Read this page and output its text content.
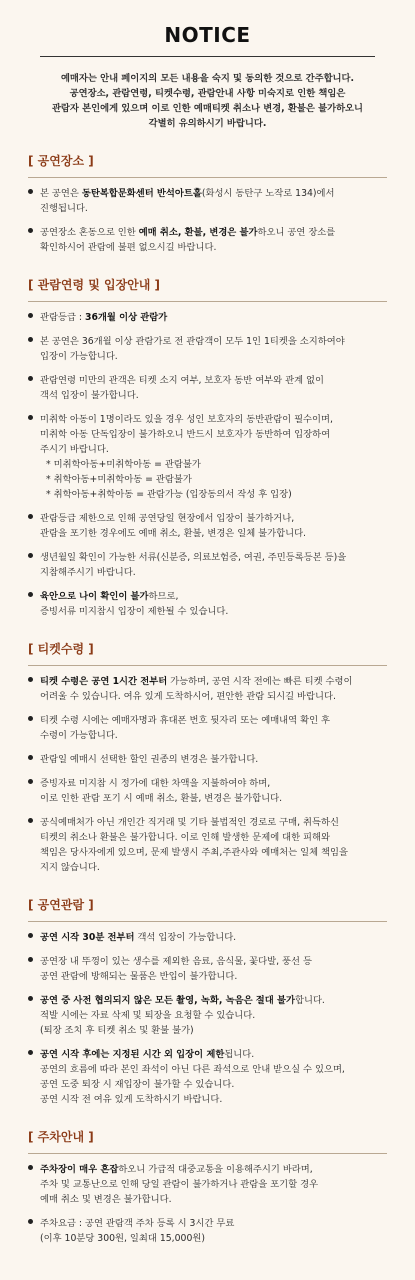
NOTICE
예매자는 안내 페이지의 모든 내용을 숙지 및 동의한 것으로 간주합니다.
공연장소, 관람연령, 티켓수령, 관람안내 사항 미숙지로 인한 책임은
관람자 본인에게 있으며 이로 인한 예매티켓 취소나 변경, 환불은 불가하오니
각별히 유의하시기 바랍니다.
[ 공연장소 ]
본 공연은 동탄복합문화센터 반석아트홀(화성시 동탄구 노작로 134)에서
진행됩니다.
공연장소 혼동으로 인한 예매 취소, 환불, 변경은 불가하오니 공연 장소를
확인하시어 관람에 불편 없으시길 바랍니다.
[ 관람연령 및 입장안내 ]
관람등급 : 36개월 이상 관람가
본 공연은 36개월 이상 관람가로 전 관람객이 모두 1인 1티켓을 소지하여야
입장이 가능합니다.
관람연령 미만의 관객은 티켓 소지 여부, 보호자 동반 여부와 관계 없이
객석 입장이 불가합니다.
미취학 아동이 1명이라도 있을 경우 성인 보호자의 동반관람이 필수이며,
미취학 아동 단독입장이 불가하오니 반드시 보호자가 동반하여 입장하여
주시기 바랍니다.
* 미취학아동+미취학아동 = 관람불가
* 취학아동+미취학아동 = 관람불가
* 취학아동+취학아동 = 관람가능 (입장동의서 작성 후 입장)
관람등급 제한으로 인해 공연당일 현장에서 입장이 불가하거나,
관람을 포기한 경우에도 예매 취소, 환불, 변경은 일체 불가합니다.
생년월일 확인이 가능한 서류(신분증, 의료보험증, 여권, 주민등록등본 등)을
지참해주시기 바랍니다.
육안으로 나이 확인이 불가하므로,
증빙서류 미지참시 입장이 제한될 수 있습니다.
[ 티켓수령 ]
티켓 수령은 공연 1시간 전부터 가능하며, 공연 시작 전에는 빠른 티켓 수령이
어려울 수 있습니다. 여유 있게 도착하시어, 편안한 관람 되시길 바랍니다.
티켓 수령 시에는 예매자명과 휴대폰 번호 뒷자리 또는 예매내역 확인 후
수령이 가능합니다.
관람일 예매시 선택한 할인 권종의 변경은 불가합니다.
증빙자료 미지참 시 정가에 대한 차액을 지불하여야 하며,
이로 인한 관람 포기 시 예매 취소, 환불, 변경은 불가합니다.
공식예매처가 아닌 개인간 직거래 및 기타 불법적인 경로로 구매, 취득하신
티켓의 취소나 환불은 불가합니다. 이로 인해 발생한 문제에 대한 피해와
책임은 당사자에게 있으며, 문제 발생시 주최,주관사와 예매처는 일체 책임을
지지 않습니다.
[ 공연관람 ]
공연 시작 30분 전부터 객석 입장이 가능합니다.
공연장 내 뚜껑이 있는 생수를 제외한 음료, 음식물, 꽃다발, 풍선 등
공연 관람에 방해되는 물품은 반입이 불가합니다.
공연 중 사전 협의되지 않은 모든 촬영, 녹화, 녹음은 절대 불가합니다.
적발 시에는 자료 삭제 및 퇴장을 요청할 수 있습니다.
(퇴장 조치 후 티켓 취소 및 환불 불가)
공연 시작 후에는 지정된 시간 외 입장이 제한됩니다.
공연의 흐름에 따라 본인 좌석이 아닌 다른 좌석으로 안내 받으실 수 있으며,
공연 도중 퇴장 시 재입장이 불가할 수 있습니다.
공연 시작 전 여유 있게 도착하시기 바랍니다.
[ 주차안내 ]
주차장이 매우 혼잡하오니 가급적 대중교통을 이용해주시기 바라며,
주차 및 교통난으로 인해 당일 관람이 불가하거나 관람을 포기할 경우
예매 취소 및 변경은 불가합니다.
주차요금 : 공연 관람객 주차 등록 시 3시간 무료
(이후 10분당 300원, 일최대 15,000원)
